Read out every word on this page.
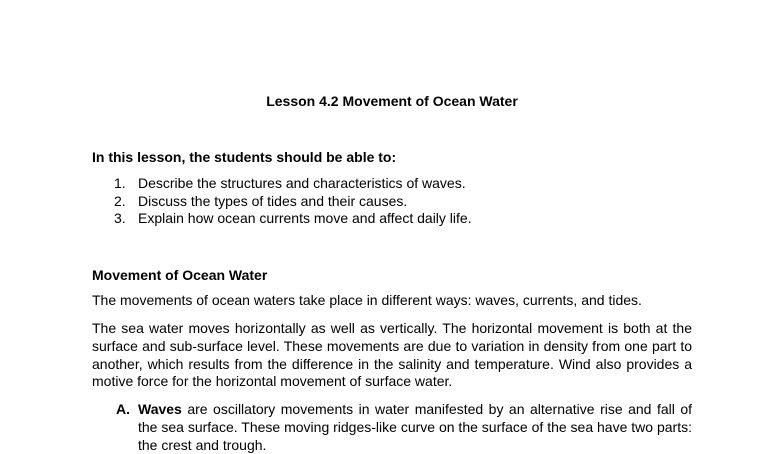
Lesson 4.2 Movement of Ocean Water
In this lesson, the students should be able to:
1. Describe the structures and characteristics of waves.
2. Discuss the types of tides and their causes.
3. Explain how ocean currents move and affect daily life.
Movement of Ocean Water

The movements of ocean waters take place in different ways: waves, currents, and tides.

The sea water moves horizontally as well as vertically. The horizontal movement is both at the surface and sub-surface level. These movements are due to variation in density from one part to another, which results from the difference in the salinity and temperature. Wind also provides a motive force for the horizontal movement of surface water.

A. Waves are oscillatory movements in water manifested by an alternative rise and fall of the sea surface. These moving ridges-like curve on the surface of the sea have two parts: the crest and trough.
